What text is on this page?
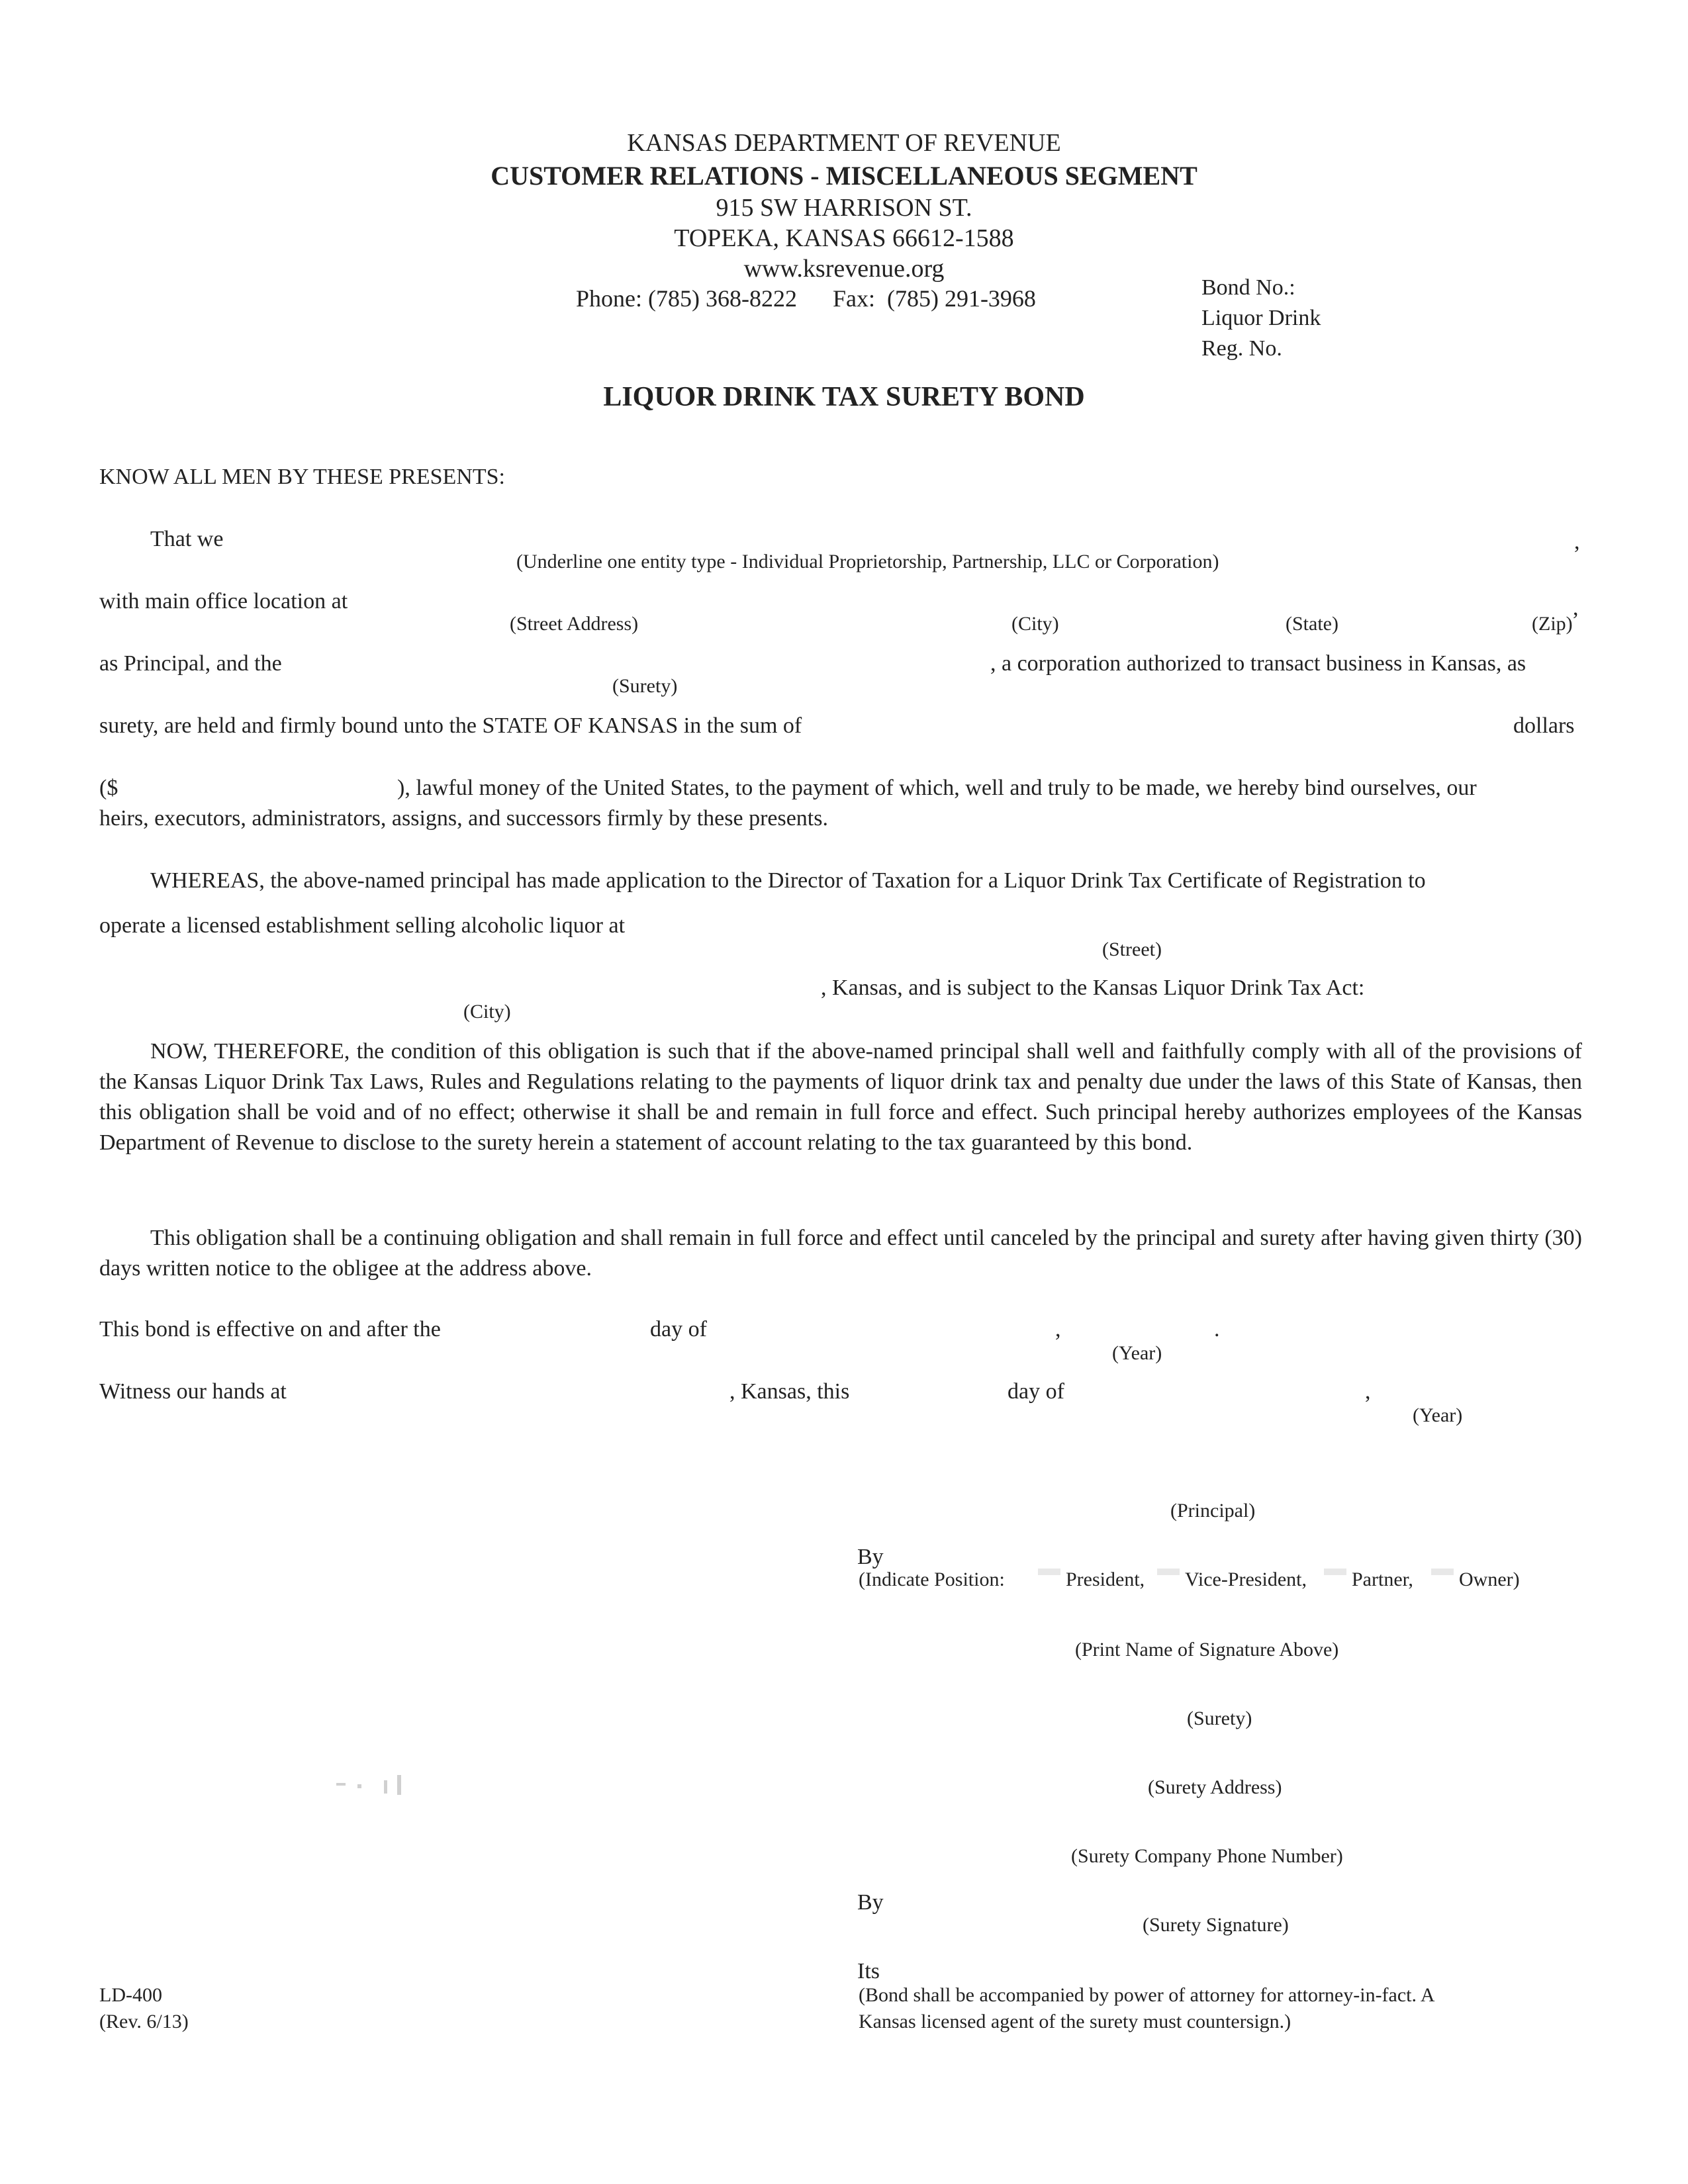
KANSAS DEPARTMENT OF REVENUE
CUSTOMER RELATIONS - MISCELLANEOUS SEGMENT
915 SW HARRISON ST.
TOPEKA, KANSAS 66612-1588
www.ksrevenue.org
Phone: (785) 368-8222      Fax:  (785) 291-3968	Bond No.:
Liquor Drink
Reg. No.
LIQUOR DRINK TAX SURETY BOND
KNOW ALL MEN BY THESE PRESENTS:
That we
(Underline one entity type - Individual Proprietorship, Partnership, LLC or Corporation)
,
with main office location at
(Street Address)	(City)	(State)	(Zip)
,
as Principal, and the
(Surety)
, a corporation authorized to transact business in Kansas, as
surety, are held and firmly bound unto the STATE OF KANSAS in the sum of	dollars
($	), lawful money of the United States, to the payment of which, well and truly to be made, we hereby bind ourselves, our
heirs, executors, administrators, assigns, and successors firmly by these presents.
WHEREAS, the above-named principal has made application to the Director of Taxation for a Liquor Drink Tax Certificate of Registration to
operate a licensed establishment selling alcoholic liquor at
(Street)
, Kansas, and is subject to the Kansas Liquor Drink Tax Act:
(City)
NOW, THEREFORE, the condition of this obligation is such that if the above-named principal shall well and faithfully comply with all of the provisions of the Kansas Liquor Drink Tax Laws, Rules and Regulations relating to the payments of liquor drink tax and penalty due under the laws of this State of Kansas, then this obligation shall be void and of no effect; otherwise it shall be and remain in full force and effect. Such principal hereby authorizes employees of the Kansas Department of Revenue to disclose to the surety herein a statement of account relating to the tax guaranteed by this bond.
This obligation shall be a continuing obligation and shall remain in full force and effect until canceled by the principal and surety after having given thirty (30) days written notice to the obligee at the address above.
This bond is effective on and after the	day of	,	.
(Year)
Witness our hands at	, Kansas, this	day of	,
(Year)
(Principal)
By
(Indicate Position:	President,	Vice-President,	Partner,	Owner)
(Print Name of Signature Above)
(Surety)
(Surety Address)
(Surety Company Phone Number)
By
(Surety Signature)
Its
(Bond shall be accompanied by power of attorney for attorney-in-fact. A
Kansas licensed agent of the surety must countersign.)
LD-400
(Rev. 6/13)
